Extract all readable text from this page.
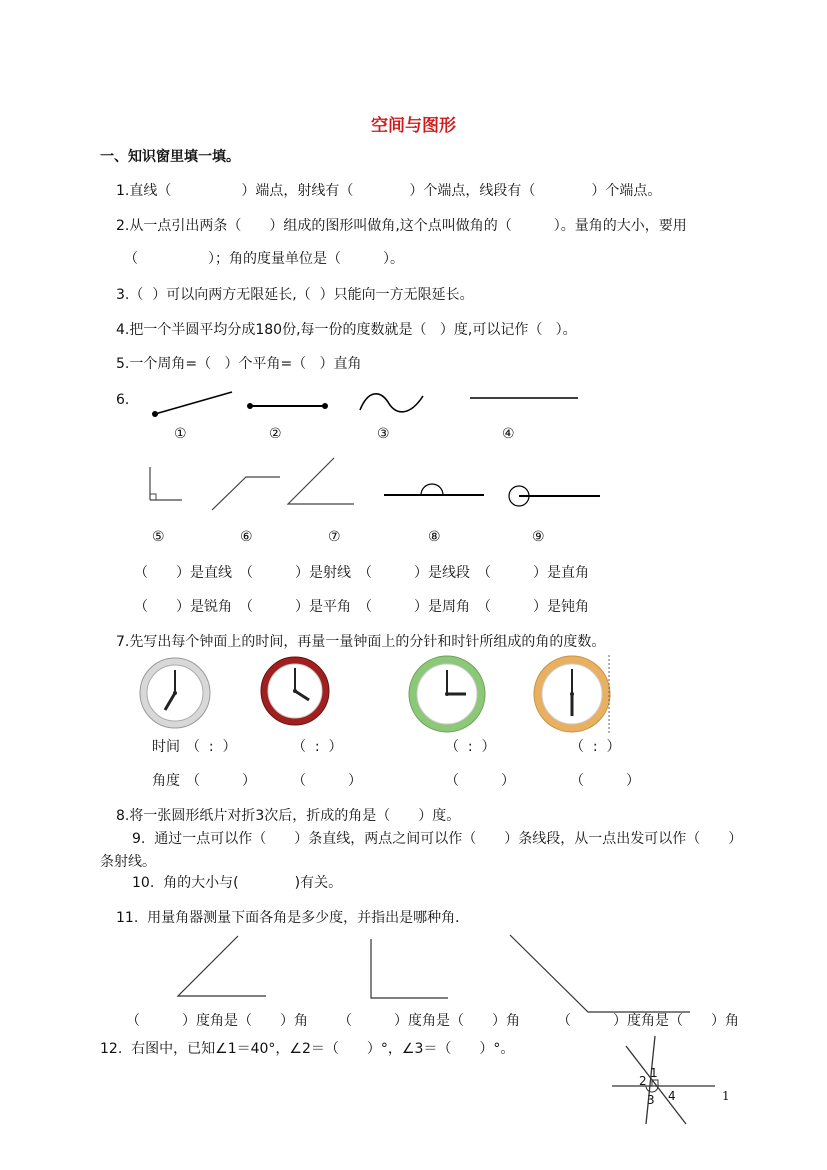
空间与图形
一、知识窗里填一填。
1.直线（　　　　　）端点，射线有（　　　　）个端点，线段有（　　　　）个端点。
2.从一点引出两条（　　）组成的图形叫做角,这个点叫做角的（　　　）。量角的大小，要用
（　　　　　）；角的度量单位是（　　　）。
3.（  ）可以向两方无限延长,（  ）只能向一方无限延长。
4.把一个半圆平均分成180份,每一份的度数就是（   ）度,可以记作（   ）。
5.一个周角=（   ）个平角=（   ）直角
6.
①	②	③	④
⑤	⑥	⑦	⑧	⑨
（　　）是直线　（　　　）是射线　（　　　）是线段　（　　　）是直角
（　　）是锐角　（　　　）是平角　（　　　）是周角　（　　　）是钝角
7.先写出每个钟面上的时间，再量一量钟面上的分针和时针所组成的角的度数。
时间 （  :  ）	（  :  ）	（  :  ）	（  :  ）
角度 （　　　）	（　　　）	（　　　）	（　　　）
8.将一张圆形纸片对折3次后，折成的角是（　　）度。
9.  通过一点可以作（　　）条直线，两点之间可以作（　　）条线段，从一点出发可以作（　　）
条射线。
10.  角的大小与(　　　　)有关。
11.  用量角器测量下面各角是多少度，并指出是哪种角．
（　　　）度角是（　　）角 （　　　）度角是（　　）角	（　　　）度角是（　　）角
12.  右图中，已知∠1＝40°，∠2＝（　　）°，∠3＝（　　）°。
1
2
3 4	1
